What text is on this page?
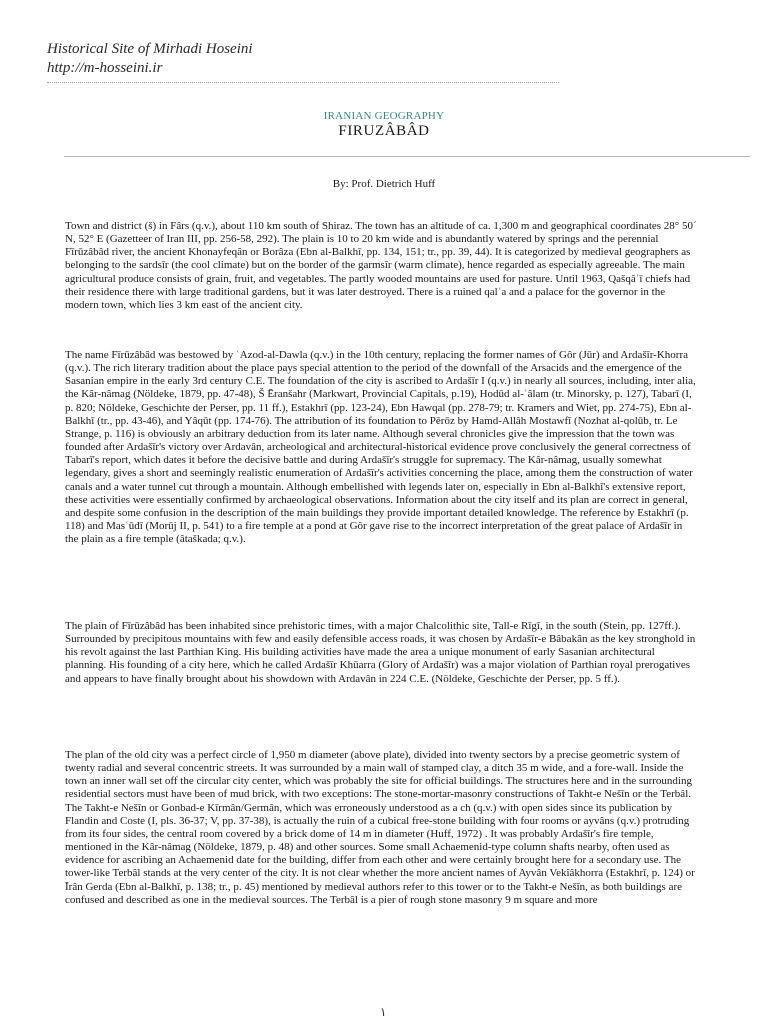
Historical Site of Mirhadi Hoseini
http://m-hosseini.ir
IRANIAN GEOGRAPHY
FIRUZÂBÂD
By: Prof. Dietrich Huff

Town and district (š) in Fârs (q.v.), about 110 km south of Shiraz. The town has an altitude of ca. 1,300 m and geographical coordinates 28° 50´ N, 52° E (Gazetteer of Iran III, pp. 256-58, 292). The plain is 10 to 20 km wide and is abundantly watered by springs and the perennial Fīrūzâbâd river, the ancient Khonayfeqân or Borâza (Ebn al-Balkhī, pp. 134, 151; tr., pp. 39, 44). It is categorized by medieval geographers as belonging to the sardsīr (the cool climate) but on the border of the garmsīr (warm climate), hence regarded as especially agreeable. The main agricultural produce consists of grain, fruit, and vegetables. The partly wooded mountains are used for pasture. Until 1963, Qašqâʾī chiefs had their residence there with large traditional gardens, but it was later destroyed. There is a ruined qalʿa and a palace for the governor in the modern town, which lies 3 km east of the ancient city.

The name Fīrūzâbâd was bestowed by ʿAzod-al-Dawla (q.v.) in the 10th century, replacing the former names of Gôr (Jūr) and Ardašīr-Khorra (q.v.). The rich literary tradition about the place pays special attention to the period of the downfall of the Arsacids and the emergence of the Sasanian empire in the early 3rd century C.E. The foundation of the city is ascribed to Ardašīr I (q.v.) in nearly all sources, including, inter alia, the Kâr-nâmag (Nöldeke, 1879, pp. 47-48), Š Ēranšahr (Markwart, Provincial Capitals, p.19), Hodūd al-ʿâlam (tr. Minorsky, p. 127), Tabarī (I, p. 820; Nöldeke, Geschichte der Perser, pp. 11 ff.), Estakhrī (pp. 123-24), Ebn Hawqal (pp. 278-79; tr. Kramers and Wiet, pp. 274-75), Ebn al-Balkhī (tr., pp. 43-46), and Yâqūt (pp. 174-76). The attribution of its foundation to Pērōz by Hamd-Allâh Mostawfī (Nozhat al-qolūb, tr. Le Strange, p. 116) is obviously an arbitrary deduction from its later name. Although several chronicles give the impression that the town was founded after Ardašīr's victory over Ardavân, archeological and architectural-historical evidence prove conclusively the general correctness of Tabarī's report, which dates it before the decisive battle and during Ardašīr's struggle for supremacy. The Kâr-nâmag, usually somewhat legendary, gives a short and seemingly realistic enumeration of Ardašīr's activities concerning the place, among them the construction of water canals and a water tunnel cut through a mountain. Although embellished with legends later on, especially in Ebn al-Balkhī's extensive report, these activities were essentially confirmed by archaeological observations. Information about the city itself and its plan are correct in general, and despite some confusion in the description of the main buildings they provide important detailed knowledge. The reference by Estakhrī (p. 118) and Masʿūdī (Morūj II, p. 541) to a fire temple at a pond at Gôr gave rise to the incorrect interpretation of the great palace of Ardašīr in the plain as a fire temple (âtaškada; q.v.).

The plain of Fīrūzâbâd has been inhabited since prehistoric times, with a major Chalcolithic site, Tall-e Rīgī, in the south (Stein, pp. 127ff.). Surrounded by precipitous mountains with few and easily defensible access roads, it was chosen by Ardašīr-e Bâbakân as the key stronghold in his revolt against the last Parthian King. His building activities have made the area a unique monument of early Sasanian architectural planning. His founding of a city here, which he called Ardašīr Khūarra (Glory of Ardašīr) was a major violation of Parthian royal prerogatives and appears to have finally brought about his showdown with Ardavân in 224 C.E. (Nöldeke, Geschichte der Perser, pp. 5 ff.).

The plan of the old city was a perfect circle of 1,950 m diameter (above plate), divided into twenty sectors by a precise geometric system of twenty radial and several concentric streets. It was surrounded by a main wall of stamped clay, a ditch 35 m wide, and a fore-wall. Inside the town an inner wall set off the circular city center, which was probably the site for official buildings. The structures here and in the surrounding residential sectors must have been of mud brick, with two exceptions: The stone-mortar-masonry constructions of Takht-e Nešīn or the Terbâl. The Takht-e Nešīn or Gonbad-e Kīrmân/Germân, which was erroneously understood as a ch (q.v.) with open sides since its publication by Flandin and Coste (I, pls. 36-37; V, pp. 37-38), is actually the ruin of a cubical free-stone building with four rooms or ayvâns (q.v.) protruding from its four sides, the central room covered by a brick dome of 14 m in diameter (Huff, 1972) . It was probably Ardašīr's fire temple, mentioned in the Kâr-nâmag (Nöldeke, 1879, p. 48) and other sources. Some small Achaemenid-type column shafts nearby, often used as evidence for ascribing an Achaemenid date for the building, differ from each other and were certainly brought here for a secondary use. The tower-like Terbâl stands at the very center of the city. It is not clear whether the more ancient names of Ayvân Vekîâkhorra (Estakhrī, p. 124) or Īrân Gerda (Ebn al-Balkhī, p. 138; tr., p. 45) mentioned by medieval authors refer to this tower or to the Takht-e Nešīn, as both buildings are confused and described as one in the medieval sources. The Terbâl is a pier of rough stone masonry 9 m square and more

١
